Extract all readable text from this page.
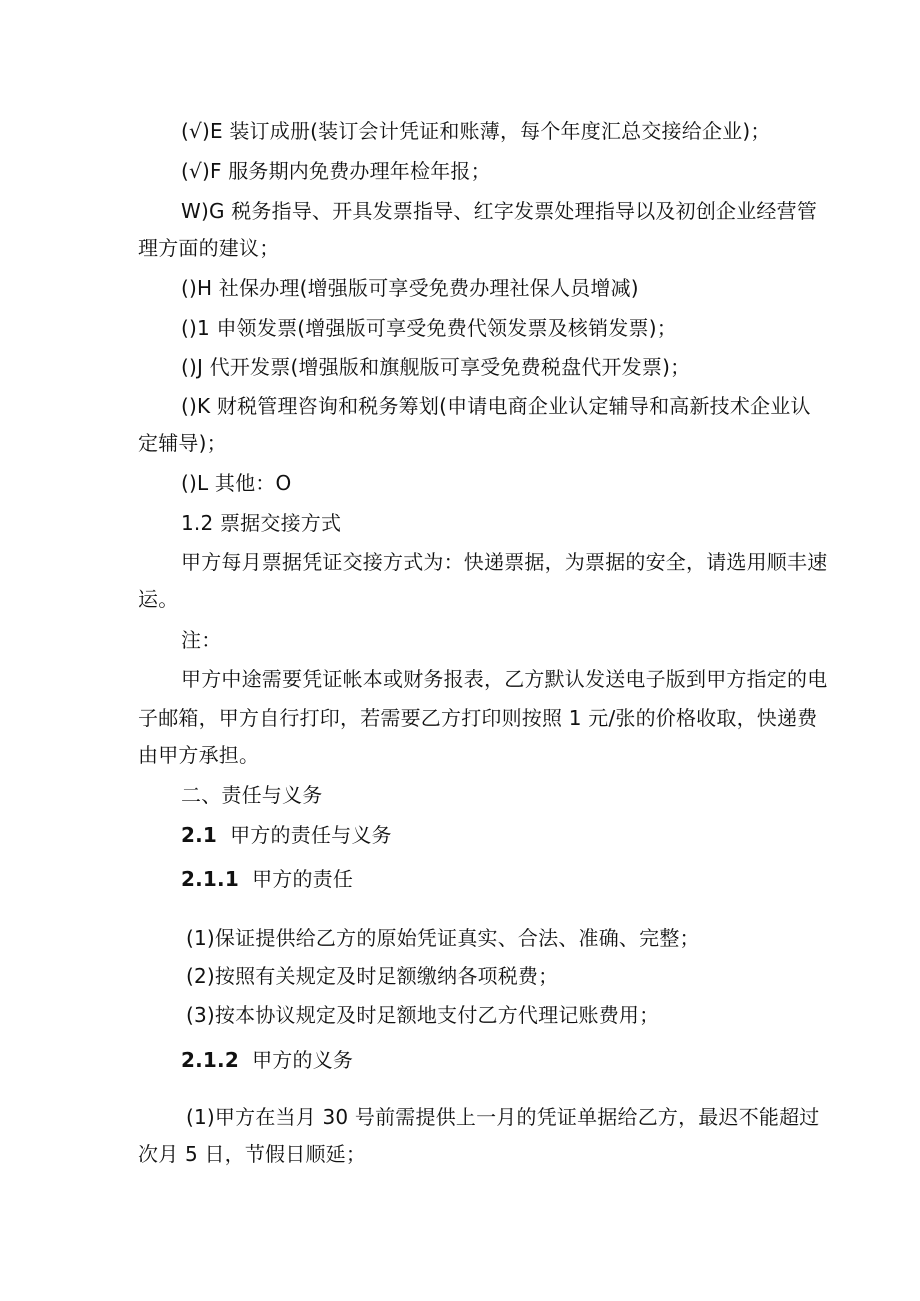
(√)E 装订成册(装订会计凭证和账薄，每个年度汇总交接给企业)；
(√)F 服务期内免费办理年检年报；
W)G 税务指导、开具发票指导、红字发票处理指导以及初创企业经营管
理方面的建议；
()H 社保办理(增强版可享受免费办理社保人员增减)
()1 申领发票(增强版可享受免费代领发票及核销发票)；
()J 代开发票(增强版和旗舰版可享受免费税盘代开发票)；
()K 财税管理咨询和税务筹划(申请电商企业认定辅导和高新技术企业认
定辅导)；
()L 其他：O
1.2 票据交接方式
甲方每月票据凭证交接方式为：快递票据，为票据的安全，请选用顺丰速
运。
注：
甲方中途需要凭证帐本或财务报表，乙方默认发送电子版到甲方指定的电
子邮箱，甲方自行打印，若需要乙方打印则按照 1 元/张的价格收取，快递费
由甲方承担。
二、责任与义务
2.1 甲方的责任与义务
2.1.1 甲方的责任
(1)保证提供给乙方的原始凭证真实、合法、准确、完整；
(2)按照有关规定及时足额缴纳各项税费；
(3)按本协议规定及时足额地支付乙方代理记账费用；
2.1.2 甲方的义务
(1)甲方在当月 30 号前需提供上一月的凭证单据给乙方，最迟不能超过
次月 5 日，节假日顺延；
